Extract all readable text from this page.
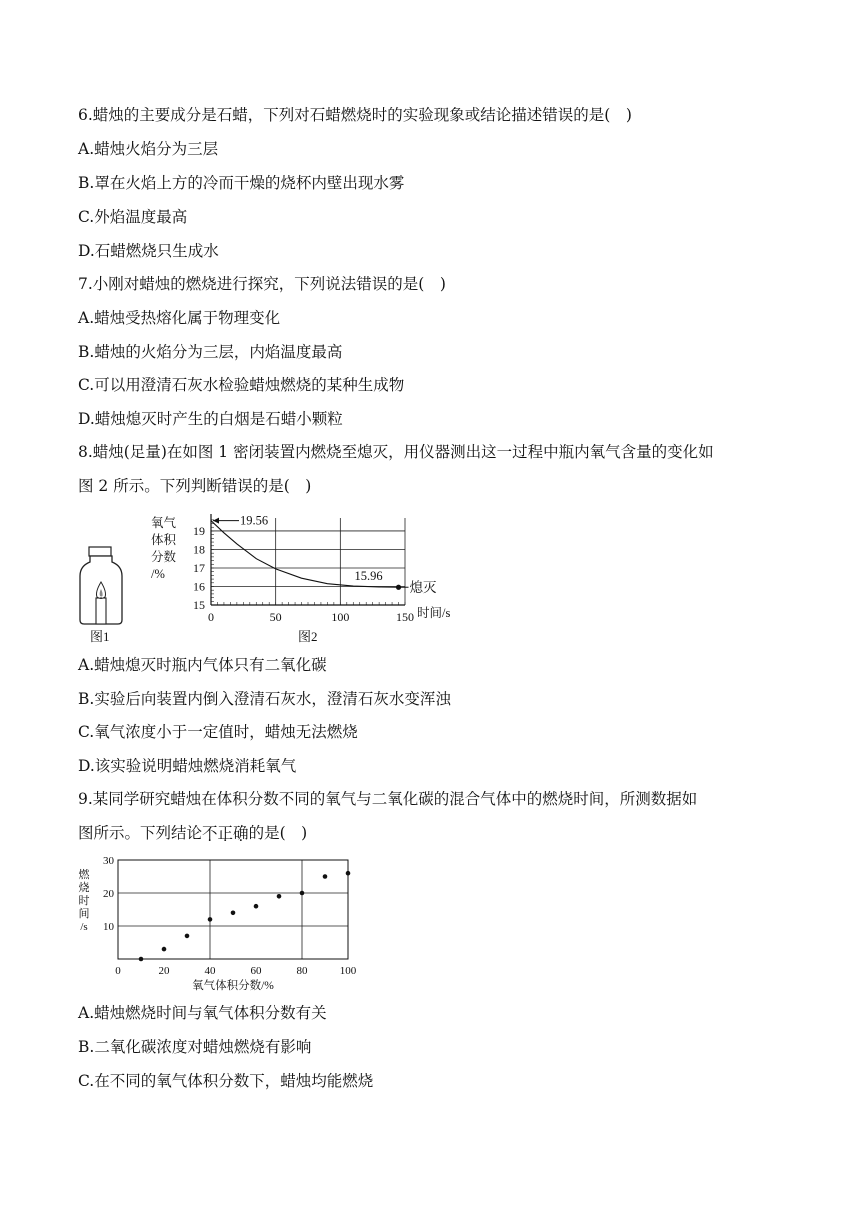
6.蜡烛的主要成分是石蜡，下列对石蜡燃烧时的实验现象或结论描述错误的是(　)
A.蜡烛火焰分为三层
B.罩在火焰上方的冷而干燥的烧杯内壁出现水雾
C.外焰温度最高
D.石蜡燃烧只生成水
7.小刚对蜡烛的燃烧进行探究，下列说法错误的是(　)
A.蜡烛受热熔化属于物理变化
B.蜡烛的火焰分为三层，内焰温度最高
C.可以用澄清石灰水检验蜡烛燃烧的某种生成物
D.蜡烛熄灭时产生的白烟是石蜡小颗粒
8.蜡烛(足量)在如图 1 密闭装置内燃烧至熄灭，用仪器测出这一过程中瓶内氧气含量的变化如
图 2 所示。下列判断错误的是(　)
图1
15
16
17
18
19
0	50	100	150
19.56
15.96
熄灭
氧气
体积
分数
/%
时间/s
图2
A.蜡烛熄灭时瓶内气体只有二氧化碳
B.实验后向装置内倒入澄清石灰水，澄清石灰水变浑浊
C.氧气浓度小于一定值时，蜡烛无法燃烧
D.该实验说明蜡烛燃烧消耗氧气
9.某同学研究蜡烛在体积分数不同的氧气与二氧化碳的混合气体中的燃烧时间，所测数据如
图所示。下列结论不正确的是(　)
10
20
30
0	20	40	60	80	100
燃
烧
时
间
/s
氧气体积分数/%
A.蜡烛燃烧时间与氧气体积分数有关
B.二氧化碳浓度对蜡烛燃烧有影响
C.在不同的氧气体积分数下，蜡烛均能燃烧
